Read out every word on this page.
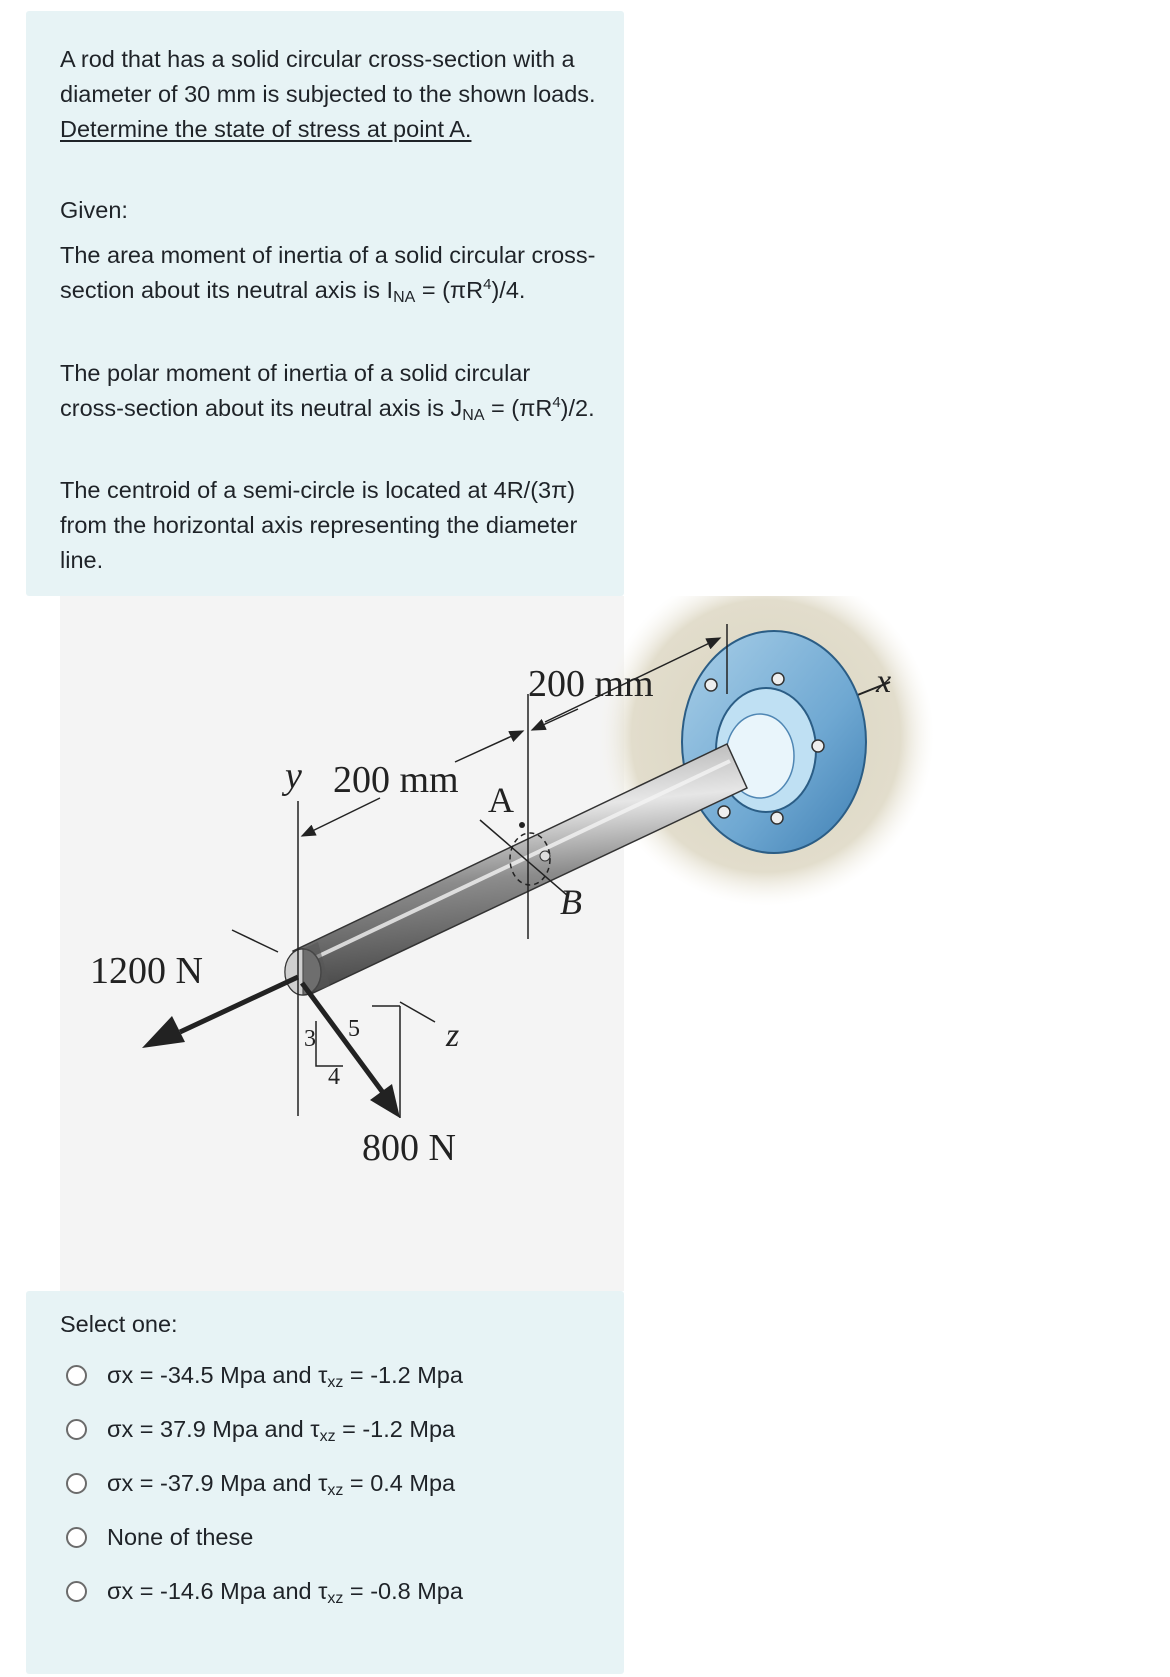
A rod that has a solid circular cross-section with a diameter of 30 mm is subjected to the shown loads. Determine the state of stress at point A.

Given:

The area moment of inertia of a solid circular cross-section about its neutral axis is $I_{NA} = (\pi R^4)/4$.

The polar moment of inertia of a solid circular cross-section about its neutral axis is $J_{NA} = (\pi R^4)/2$.

The centroid of a semi-circle is located at 4R/(3π) from the horizontal axis representing the diameter line.
x
200 mm
y 200 mm A
B
1200 N
z
3 5
4
800 N
Select one:
σx = -34.5 Mpa and $\tau_{xz} = -1.2$ Mpa
σx = 37.9 Mpa and $\tau_{xz} = -1.2$ Mpa
σx = -37.9 Mpa and $\tau_{xz} = 0.4$ Mpa
None of these
σx = -14.6 Mpa and $\tau_{xz} = -0.8$ Mpa
